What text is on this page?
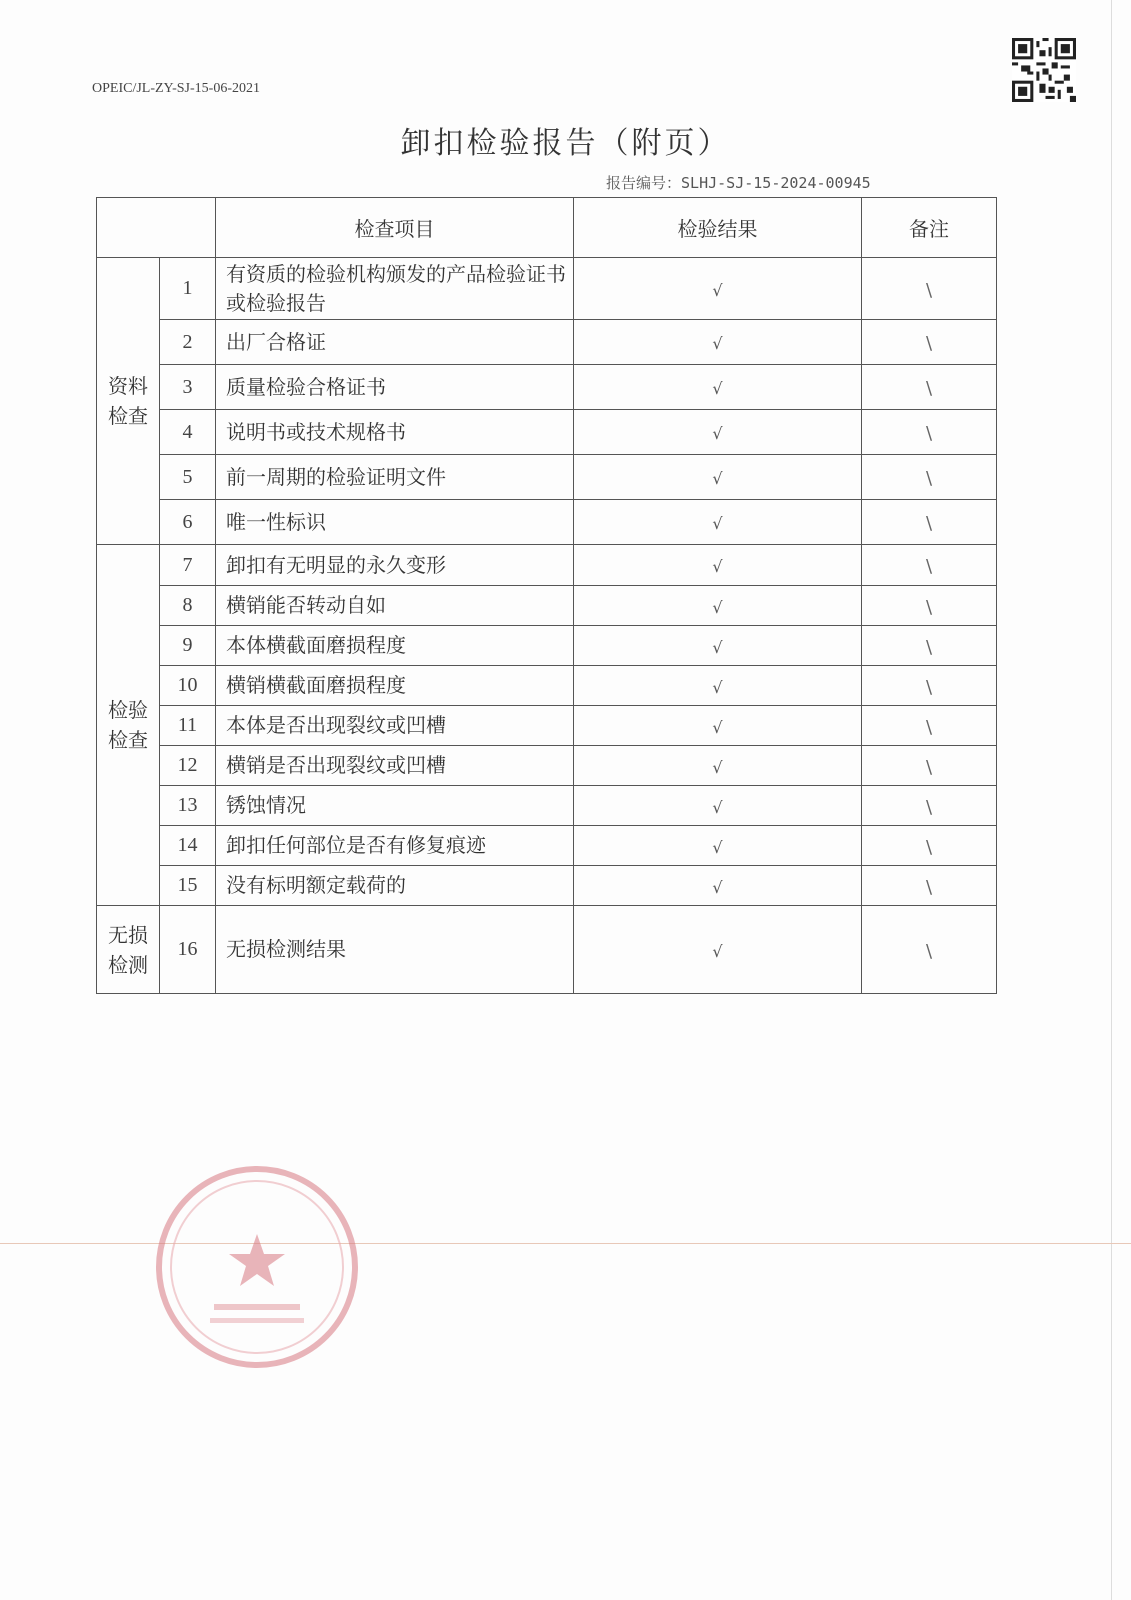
OPEIC/JL-ZY-SJ-15-06-2021
卸扣检验报告（附页）
报告编号：SLHJ-SJ-15-2024-00945
		检查项目	检验结果	备注

资料检查	1	有资质的检验机构颁发的产品检验证书或检验报告	√	\
	2	出厂合格证	√	\
	3	质量检验合格证书	√	\
	4	说明书或技术规格书	√	\
	5	前一周期的检验证明文件	√	\
	6	唯一性标识	√	\

检验检查	7	卸扣有无明显的永久变形	√	\
	8	横销能否转动自如	√	\
	9	本体横截面磨损程度	√	\
	10	横销横截面磨损程度	√	\
	11	本体是否出现裂纹或凹槽	√	\
	12	横销是否出现裂纹或凹槽	√	\
	13	锈蚀情况	√	\
	14	卸扣任何部位是否有修复痕迹	√	\
	15	没有标明额定载荷的	√	\

无损检测	16	无损检测结果	√	\
